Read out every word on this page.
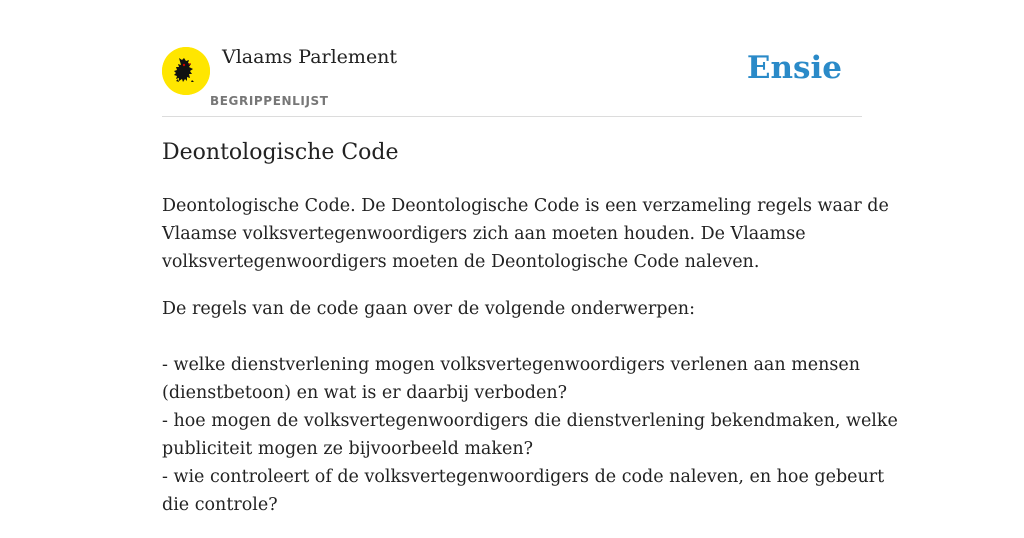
Vlaams Parlement
BEGRIPPENLIJST
Ensie
Deontologische Code

Deontologische Code. De Deontologische Code is een verzameling regels waar de
Vlaamse volksvertegenwoordigers zich aan moeten houden. De Vlaamse
volksvertegenwoordigers moeten de Deontologische Code naleven.

De regels van de code gaan over de volgende onderwerpen:
- welke dienstverlening mogen volksvertegenwoordigers verlenen aan mensen
(dienstbetoon) en wat is er daarbij verboden?
- hoe mogen de volksvertegenwoordigers die dienstverlening bekendmaken, welke
publiciteit mogen ze bijvoorbeeld maken?
- wie controleert of de volksvertegenwoordigers de code naleven, en hoe gebeurt
die controle?
